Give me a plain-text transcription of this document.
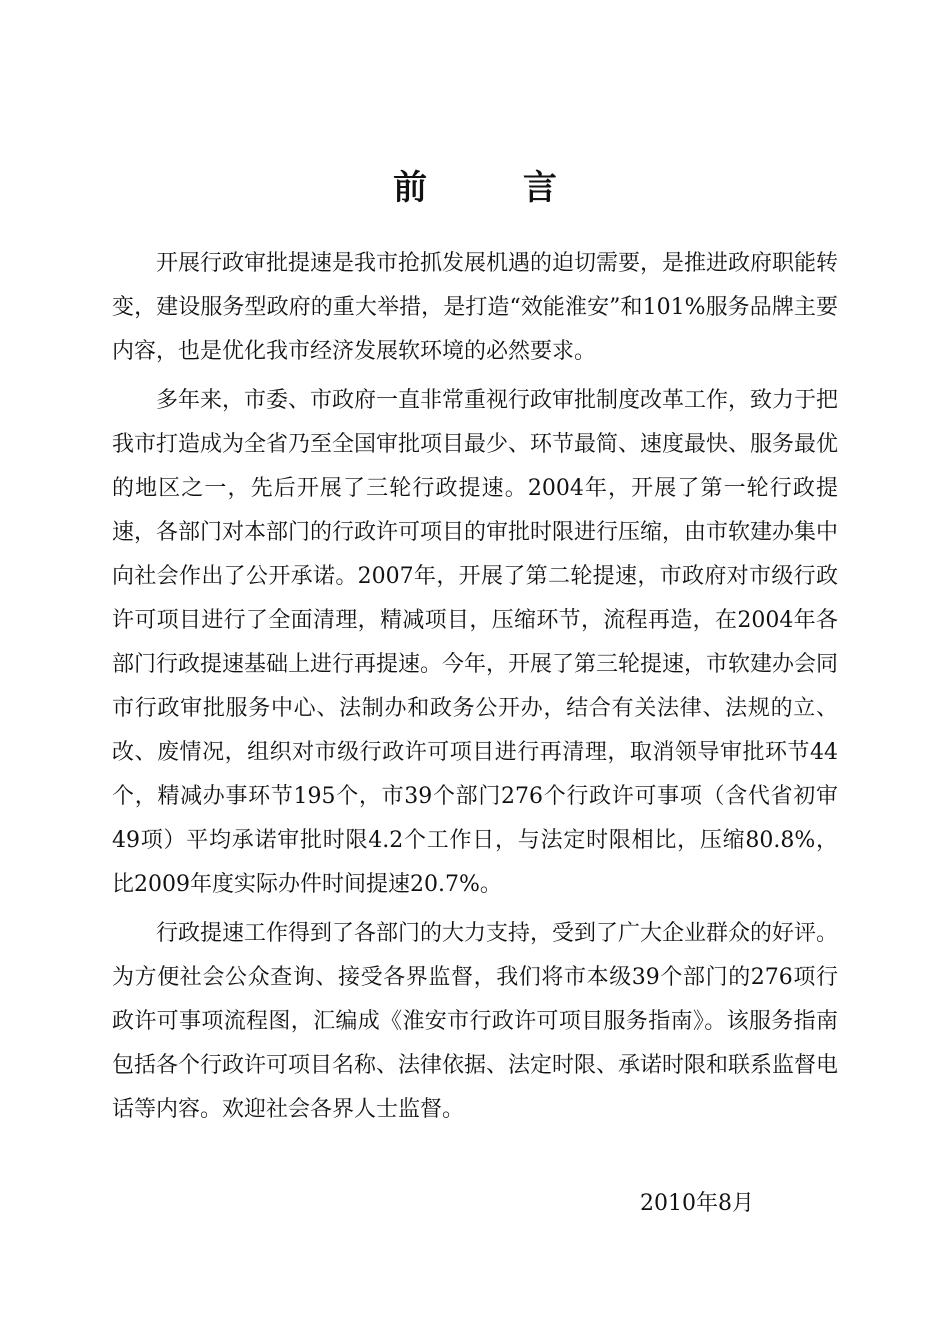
前 言

开展行政审批提速是我市抢抓发展机遇的迫切需要，是推进政府职能转变，建设服务型政府的重大举措，是打造“效能淮安”和101%服务品牌主要内容，也是优化我市经济发展软环境的必然要求。

多年来，市委、市政府一直非常重视行政审批制度改革工作，致力于把我市打造成为全省乃至全国审批项目最少、环节最简、速度最快、服务最优的地区之一，先后开展了三轮行政提速。2004年，开展了第一轮行政提速，各部门对本部门的行政许可项目的审批时限进行压缩，由市软建办集中向社会作出了公开承诺。2007年，开展了第二轮提速，市政府对市级行政许可项目进行了全面清理，精减项目，压缩环节，流程再造，在2004年各部门行政提速基础上进行再提速。今年，开展了第三轮提速，市软建办会同市行政审批服务中心、法制办和政务公开办，结合有关法律、法规的立、改、废情况，组织对市级行政许可项目进行再清理，取消领导审批环节44个，精减办事环节195个，市39个部门276个行政许可事项（含代省初审49项）平均承诺审批时限4.2个工作日，与法定时限相比，压缩80.8%，比2009年度实际办件时间提速20.7%。

行政提速工作得到了各部门的大力支持，受到了广大企业群众的好评。为方便社会公众查询、接受各界监督，我们将市本级39个部门的276项行政许可事项流程图，汇编成《淮安市行政许可项目服务指南》。该服务指南包括各个行政许可项目名称、法律依据、法定时限、承诺时限和联系监督电话等内容。欢迎社会各界人士监督。

2010年8月
